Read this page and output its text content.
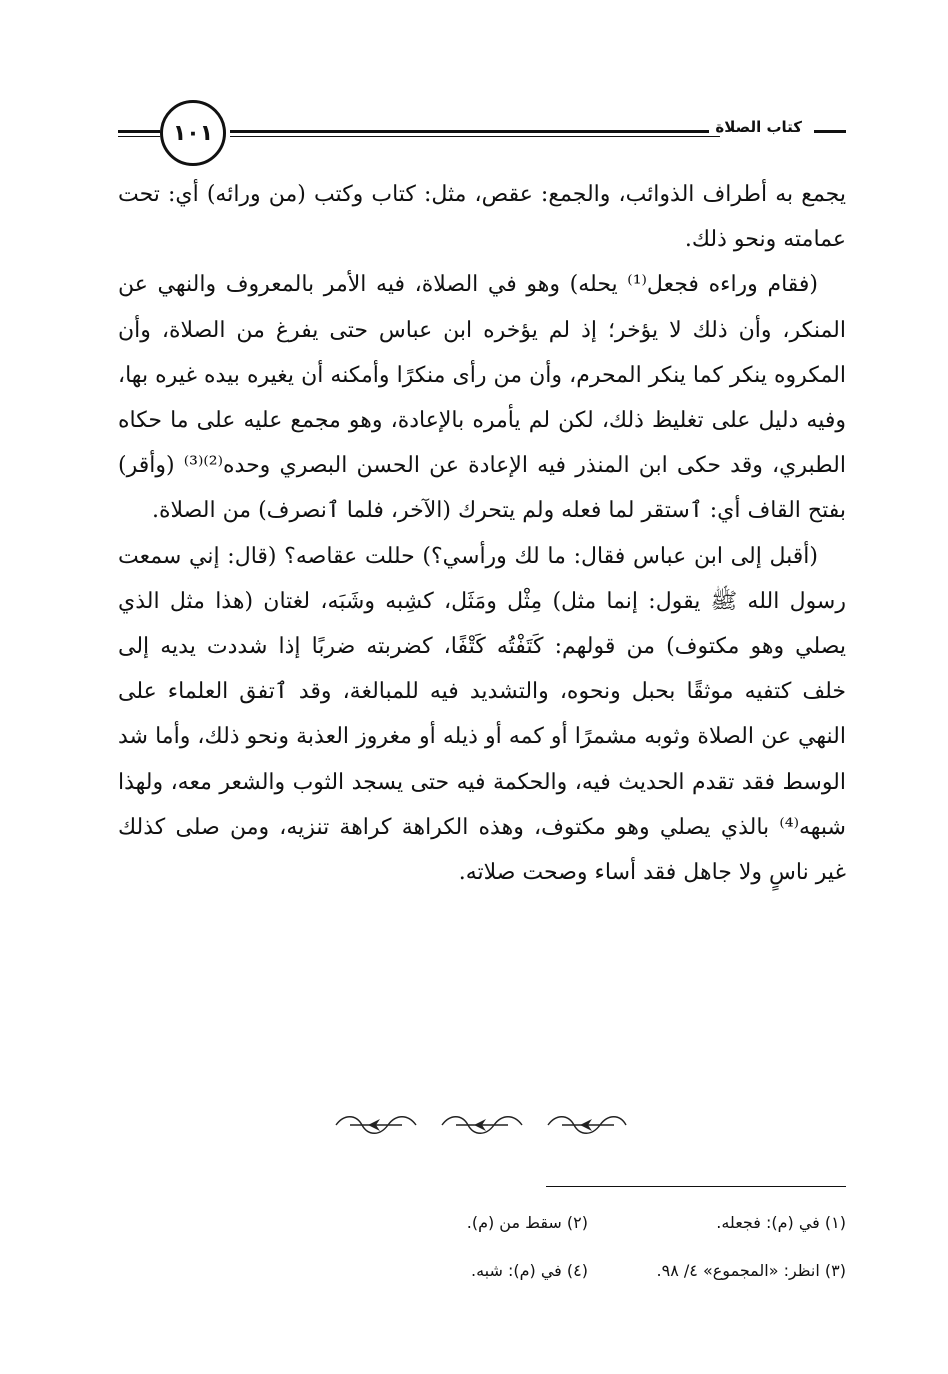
١٠١	كتاب الصلاة

يجمع به أطراف الذوائب، والجمع: عقص، مثل: كتاب وكتب (من ورائه) أي: تحت عمامته ونحو ذلك.

(فقام وراءه فجعل⁽¹⁾ يحله) وهو في الصلاة، فيه الأمر بالمعروف والنهي عن المنكر، وأن ذلك لا يؤخر؛ إذ لم يؤخره ابن عباس حتى يفرغ من الصلاة، وأن المكروه ينكر كما ينكر المحرم، وأن من رأى منكرًا وأمكنه أن يغيره بيده غيره بها، وفيه دليل على تغليظ ذلك، لكن لم يأمره بالإعادة، وهو مجمع عليه على ما حكاه الطبري، وقد حكى ابن المنذر فيه الإعادة عن الحسن البصري وحده⁽²⁾⁽³⁾ (وأقر) بفتح القاف أي: ٱستقر لما فعله ولم يتحرك (الآخر، فلما ٱنصرف) من الصلاة.

(أقبل إلى ابن عباس فقال: ما لك ورأسي؟) حللت عقاصه؟ (قال: إني سمعت رسول الله ﷺ يقول: إنما مثل) مِثْل ومَثَل، كشِبه وشَبَه، لغتان (هذا مثل الذي يصلي وهو مكتوف) من قولهم: كَتَفْتُه كَتْفًا، كضربته ضربًا إذا شددت يديه إلى خلف كتفيه موثقًا بحبل ونحوه، والتشديد فيه للمبالغة، وقد ٱتفق العلماء على النهي عن الصلاة وثوبه مشمرًا أو كمه أو ذيله أو مغروز العذبة ونحو ذلك، وأما شد الوسط فقد تقدم الحديث فيه، والحكمة فيه حتى يسجد الثوب والشعر معه، ولهذا شبهه⁽⁴⁾ بالذي يصلي وهو مكتوف، وهذه الكراهة كراهة تنزيه، ومن صلى كذلك غير ناسٍ ولا جاهل فقد أساء وصحت صلاته.

(١) في (م): فجعله.
(٢) سقط من (م).
(٣) انظر: «المجموع» ٤/ ٩٨.
(٤) في (م): شبه.
